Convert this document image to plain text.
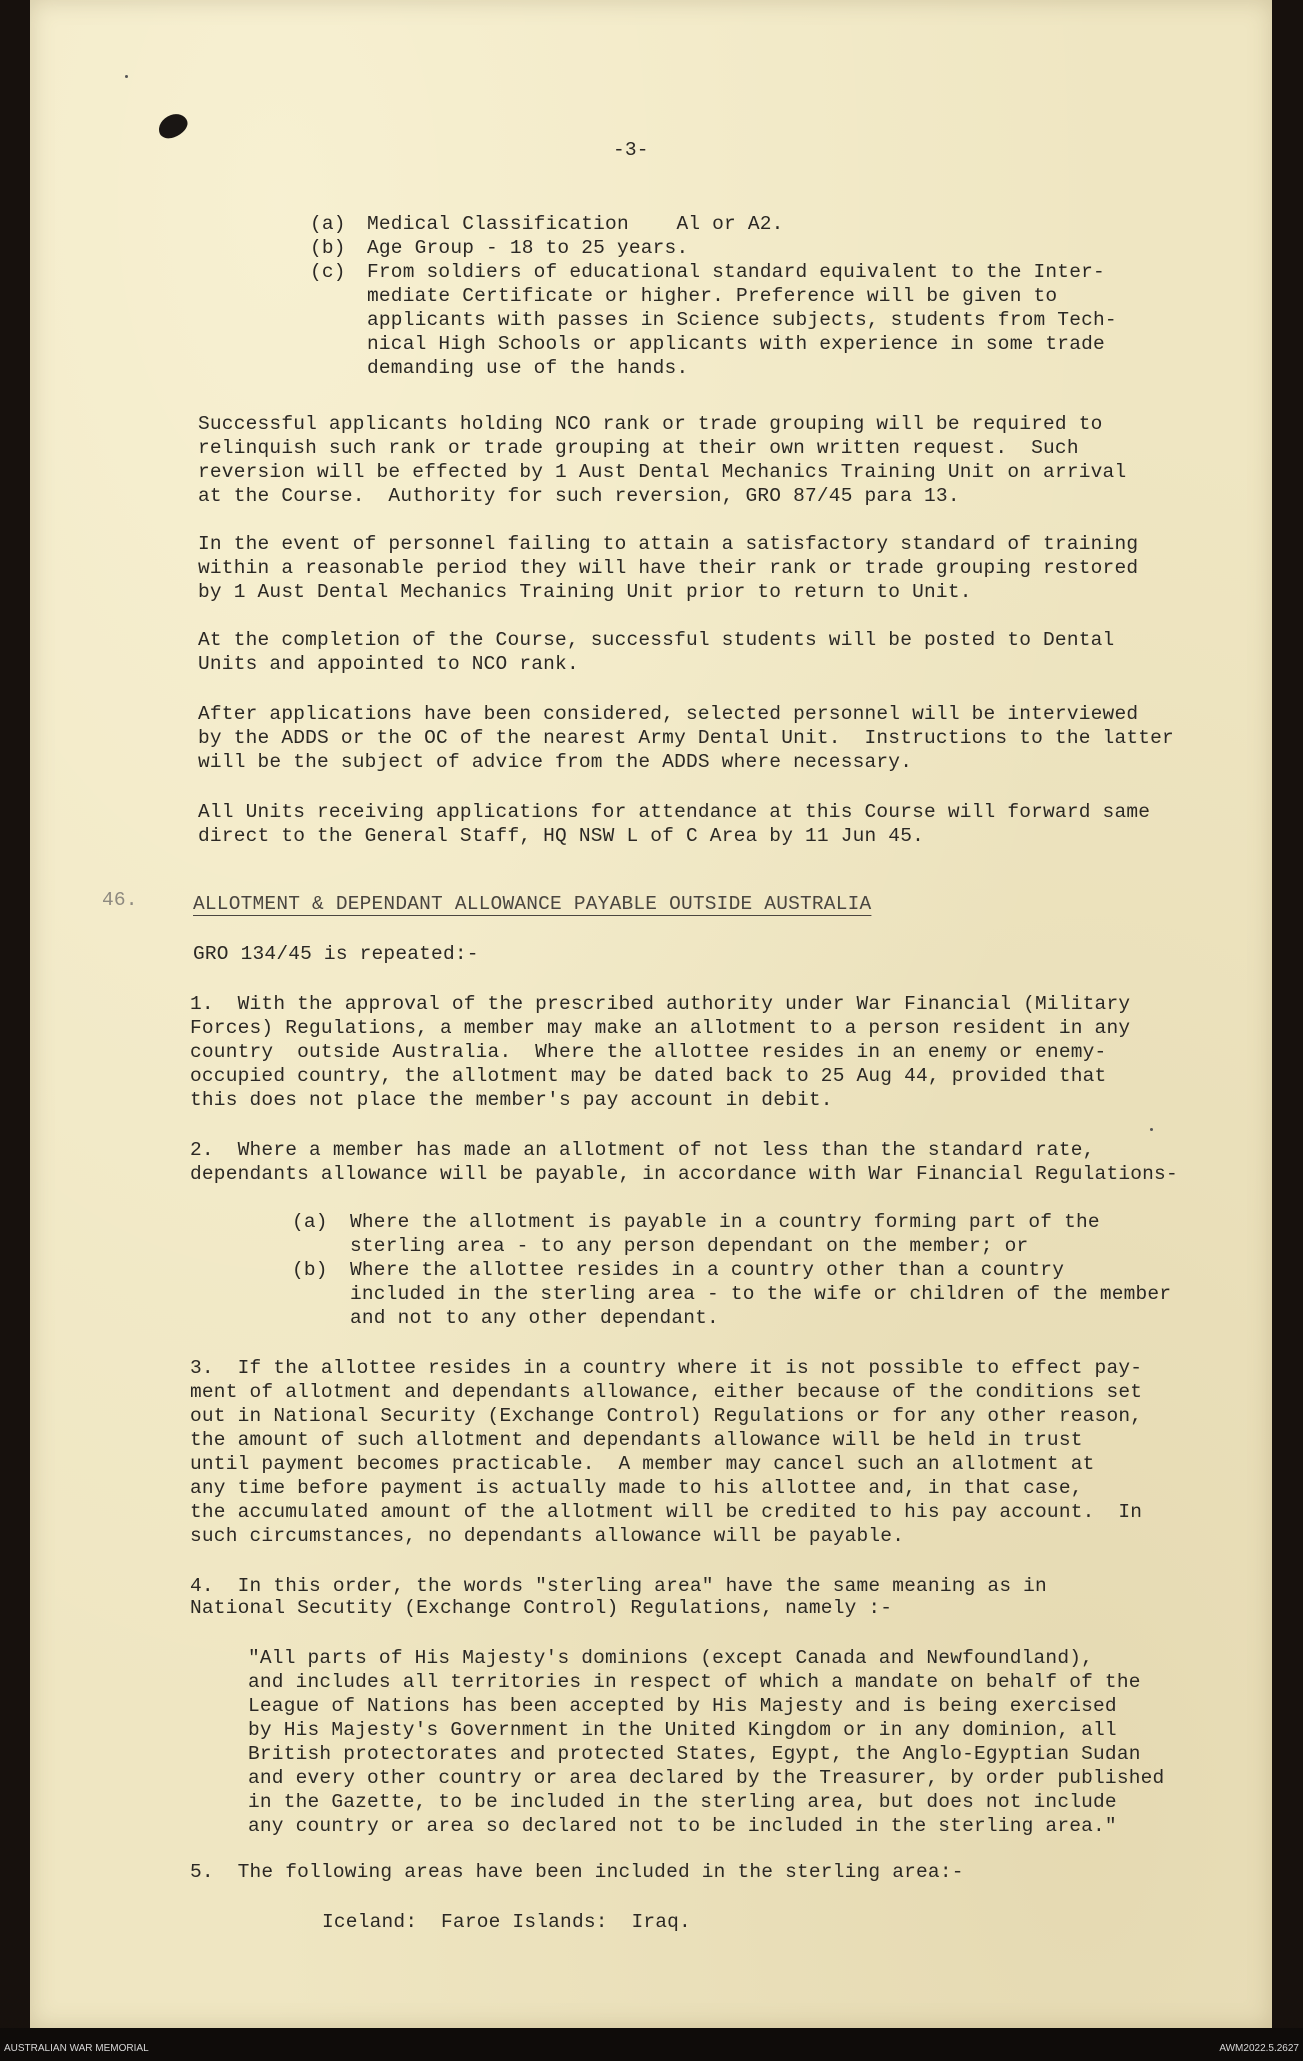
-3-
(a) Medical Classification    Al or A2.
(b) Age Group - 18 to 25 years.
(c) From soldiers of educational standard equivalent to the Inter-
mediate Certificate or higher. Preference will be given to
applicants with passes in Science subjects, students from Tech-
nical High Schools or applicants with experience in some trade
demanding use of the hands.
Successful applicants holding NCO rank or trade grouping will be required to
relinquish such rank or trade grouping at their own written request.  Such
reversion will be effected by 1 Aust Dental Mechanics Training Unit on arrival
at the Course.  Authority for such reversion, GRO 87/45 para 13.
In the event of personnel failing to attain a satisfactory standard of training
within a reasonable period they will have their rank or trade grouping restored
by 1 Aust Dental Mechanics Training Unit prior to return to Unit.
At the completion of the Course, successful students will be posted to Dental
Units and appointed to NCO rank.
After applications have been considered, selected personnel will be interviewed
by the ADDS or the OC of the nearest Army Dental Unit.  Instructions to the latter
will be the subject of advice from the ADDS where necessary.
All Units receiving applications for attendance at this Course will forward same
direct to the General Staff, HQ NSW L of C Area by 11 Jun 45.
46.	ALLOTMENT & DEPENDANT ALLOWANCE PAYABLE OUTSIDE AUSTRALIA
GRO 134/45 is repeated:-
1.  With the approval of the prescribed authority under War Financial (Military
Forces) Regulations, a member may make an allotment to a person resident in any
country  outside Australia.  Where the allottee resides in an enemy or enemy-
occupied country, the allotment may be dated back to 25 Aug 44, provided that
this does not place the member's pay account in debit.
2.  Where a member has made an allotment of not less than the standard rate,
dependants allowance will be payable, in accordance with War Financial Regulations-
(a) Where the allotment is payable in a country forming part of the
sterling area - to any person dependant on the member; or
(b) Where the allottee resides in a country other than a country
included in the sterling area - to the wife or children of the member
and not to any other dependant.
3.  If the allottee resides in a country where it is not possible to effect pay-
ment of allotment and dependants allowance, either because of the conditions set
out in National Security (Exchange Control) Regulations or for any other reason,
the amount of such allotment and dependants allowance will be held in trust
until payment becomes practicable.  A member may cancel such an allotment at
any time before payment is actually made to his allottee and, in that case,
the accumulated amount of the allotment will be credited to his pay account.  In
such circumstances, no dependants allowance will be payable.
4.  In this order, the words "sterling area" have the same meaning as in
National Secutity (Exchange Control) Regulations, namely :-
"All parts of His Majesty's dominions (except Canada and Newfoundland),
and includes all territories in respect of which a mandate on behalf of the
League of Nations has been accepted by His Majesty and is being exercised
by His Majesty's Government in the United Kingdom or in any dominion, all
British protectorates and protected States, Egypt, the Anglo-Egyptian Sudan
and every other country or area declared by the Treasurer, by order published
in the Gazette, to be included in the sterling area, but does not include
any country or area so declared not to be included in the sterling area."
5.  The following areas have been included in the sterling area:-
Iceland:  Faroe Islands:  Iraq.
AUSTRALIAN WAR MEMORIAL	AWM2022.5.2627
